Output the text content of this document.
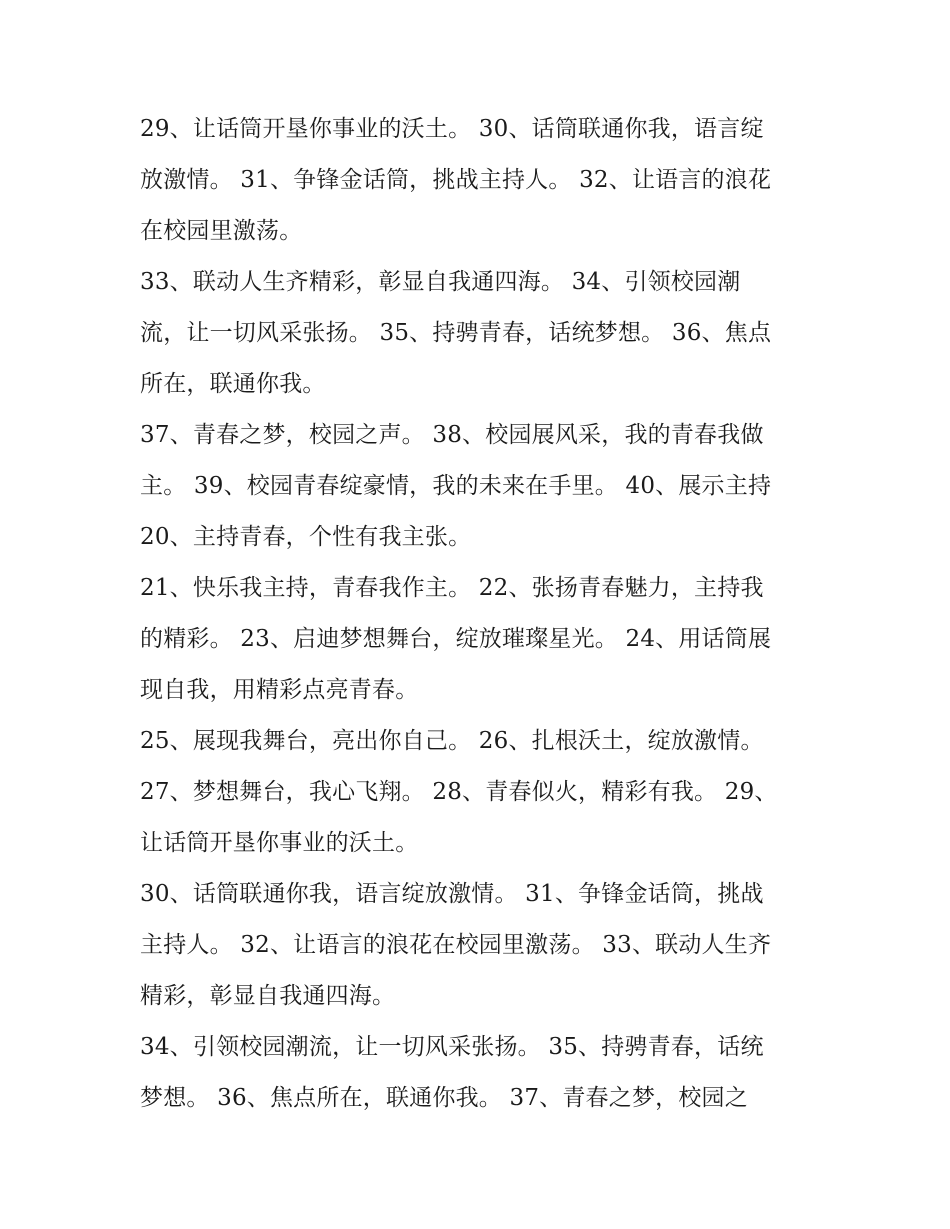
29、让话筒开垦你事业的沃土。 30、话筒联通你我，语言绽
放激情。 31、争锋金话筒，挑战主持人。 32、让语言的浪花
在校园里激荡。
33、联动人生齐精彩，彰显自我通四海。 34、引领校园潮
流，让一切风采张扬。 35、持骋青春，话统梦想。 36、焦点
所在，联通你我。
37、青春之梦，校园之声。 38、校园展风采，我的青春我做
主。 39、校园青春绽豪情，我的未来在手里。 40、展示主持
20、主持青春，个性有我主张。
21、快乐我主持，青春我作主。 22、张扬青春魅力，主持我
的精彩。 23、启迪梦想舞台，绽放璀璨星光。 24、用话筒展
现自我，用精彩点亮青春。
25、展现我舞台，亮出你自己。 26、扎根沃土，绽放激情。
27、梦想舞台，我心飞翔。 28、青春似火，精彩有我。 29、
让话筒开垦你事业的沃土。
30、话筒联通你我，语言绽放激情。 31、争锋金话筒，挑战
主持人。 32、让语言的浪花在校园里激荡。 33、联动人生齐
精彩，彰显自我通四海。
34、引领校园潮流，让一切风采张扬。 35、持骋青春，话统
梦想。 36、焦点所在，联通你我。 37、青春之梦，校园之
